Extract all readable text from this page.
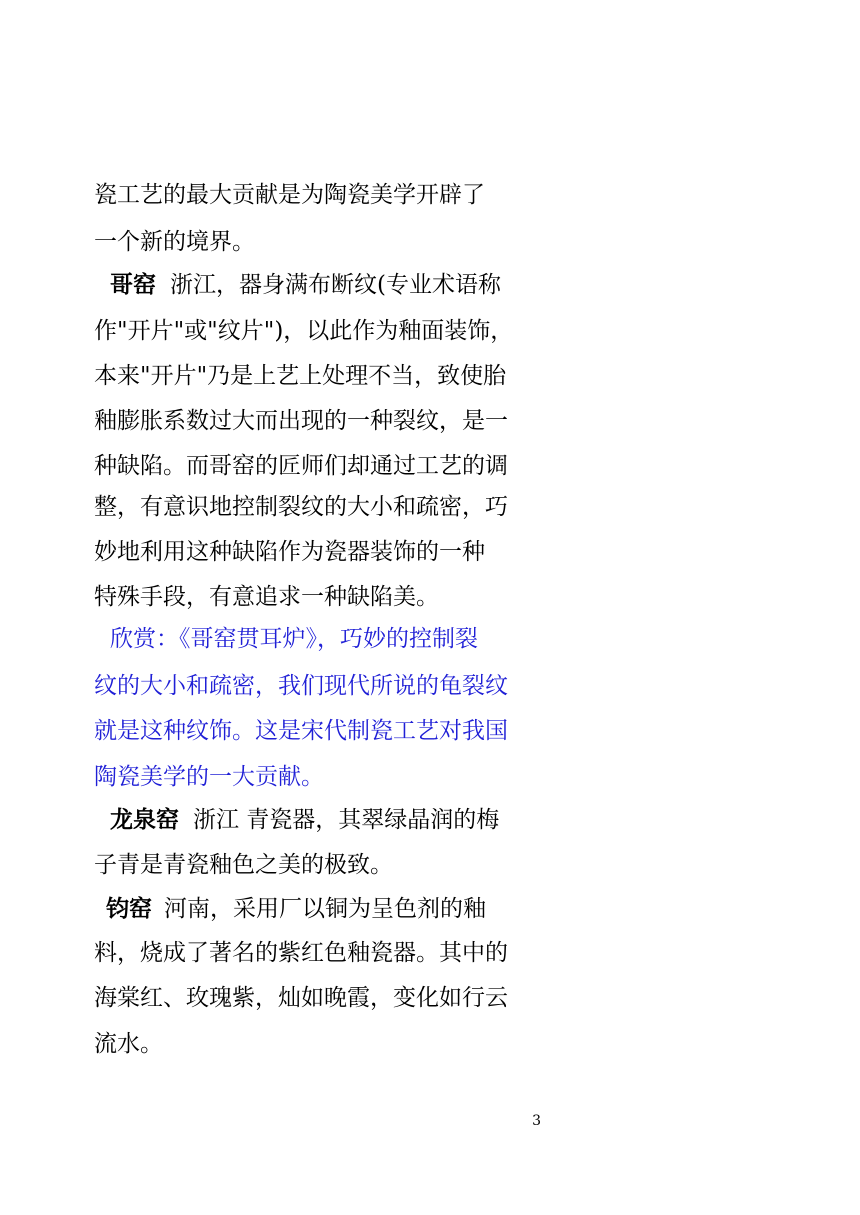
瓷工艺的最大贡献是为陶瓷美学开辟了
一个新的境界。
哥窑 浙江，器身满布断纹(专业术语称
作"开片"或"纹片")，以此作为釉面装饰，
本来"开片"乃是上艺上处理不当，致使胎
釉膨胀系数过大而出现的一种裂纹，是一
种缺陷。而哥窑的匠师们却通过工艺的调
整，有意识地控制裂纹的大小和疏密，巧
妙地利用这种缺陷作为瓷器装饰的一种
特殊手段，有意追求一种缺陷美。
欣赏：《哥窑贯耳炉》，巧妙的控制裂
纹的大小和疏密，我们现代所说的龟裂纹
就是这种纹饰。这是宋代制瓷工艺对我国
陶瓷美学的一大贡献。
龙泉窑 浙江 青瓷器，其翠绿晶润的梅
子青是青瓷釉色之美的极致。
钧窑 河南，采用厂以铜为呈色剂的釉
料，烧成了著名的紫红色釉瓷器。其中的
海棠红、玫瑰紫，灿如晚霞，变化如行云
流水。
3
